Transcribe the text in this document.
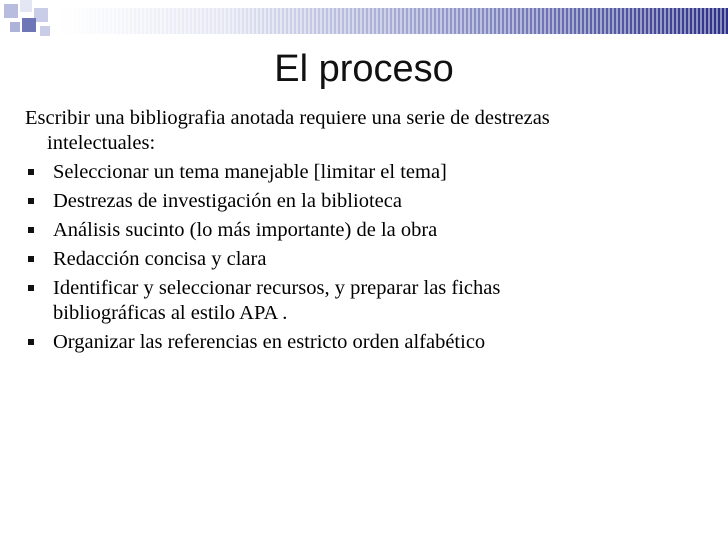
El proceso

Escribir una bibliografia anotada requiere una serie de destrezas
intelectuales:

Seleccionar un tema manejable [limitar el tema]
Destrezas de investigación en la biblioteca
Análisis sucinto (lo más importante) de la obra
Redacción concisa y clara
Identificar y seleccionar recursos, y preparar las fichas
bibliográficas al estilo APA .
Organizar las referencias en estricto orden alfabético
